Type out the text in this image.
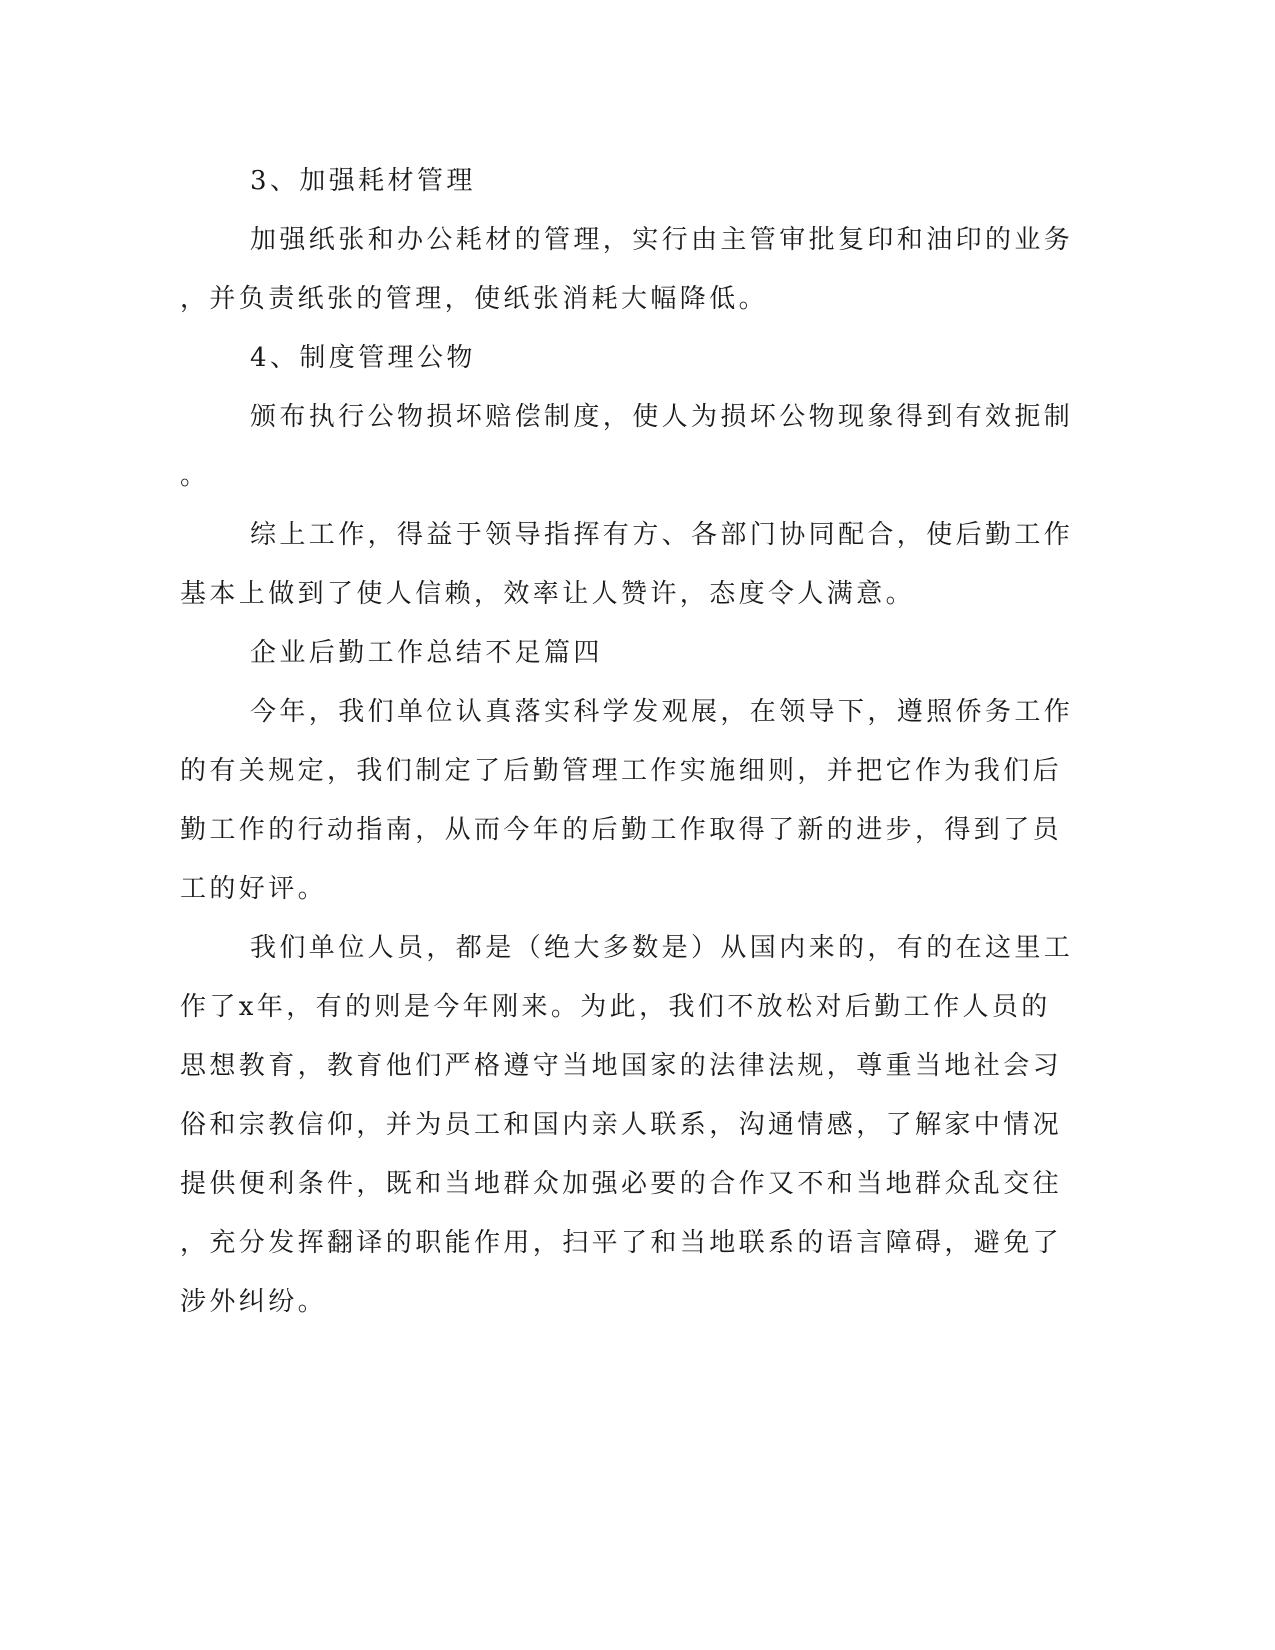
3、加强耗材管理
加强纸张和办公耗材的管理，实行由主管审批复印和油印的业务
，并负责纸张的管理，使纸张消耗大幅降低。
4、制度管理公物
颁布执行公物损坏赔偿制度，使人为损坏公物现象得到有效扼制
。
综上工作，得益于领导指挥有方、各部门协同配合，使后勤工作
基本上做到了使人信赖，效率让人赞许，态度令人满意。
企业后勤工作总结不足篇四
今年，我们单位认真落实科学发观展，在领导下，遵照侨务工作
的有关规定，我们制定了后勤管理工作实施细则，并把它作为我们后
勤工作的行动指南，从而今年的后勤工作取得了新的进步，得到了员
工的好评。
我们单位人员，都是（绝大多数是）从国内来的，有的在这里工
作了x年，有的则是今年刚来。为此，我们不放松对后勤工作人员的
思想教育，教育他们严格遵守当地国家的法律法规，尊重当地社会习
俗和宗教信仰，并为员工和国内亲人联系，沟通情感，了解家中情况
提供便利条件，既和当地群众加强必要的合作又不和当地群众乱交往
，充分发挥翻译的职能作用，扫平了和当地联系的语言障碍，避免了
涉外纠纷。
